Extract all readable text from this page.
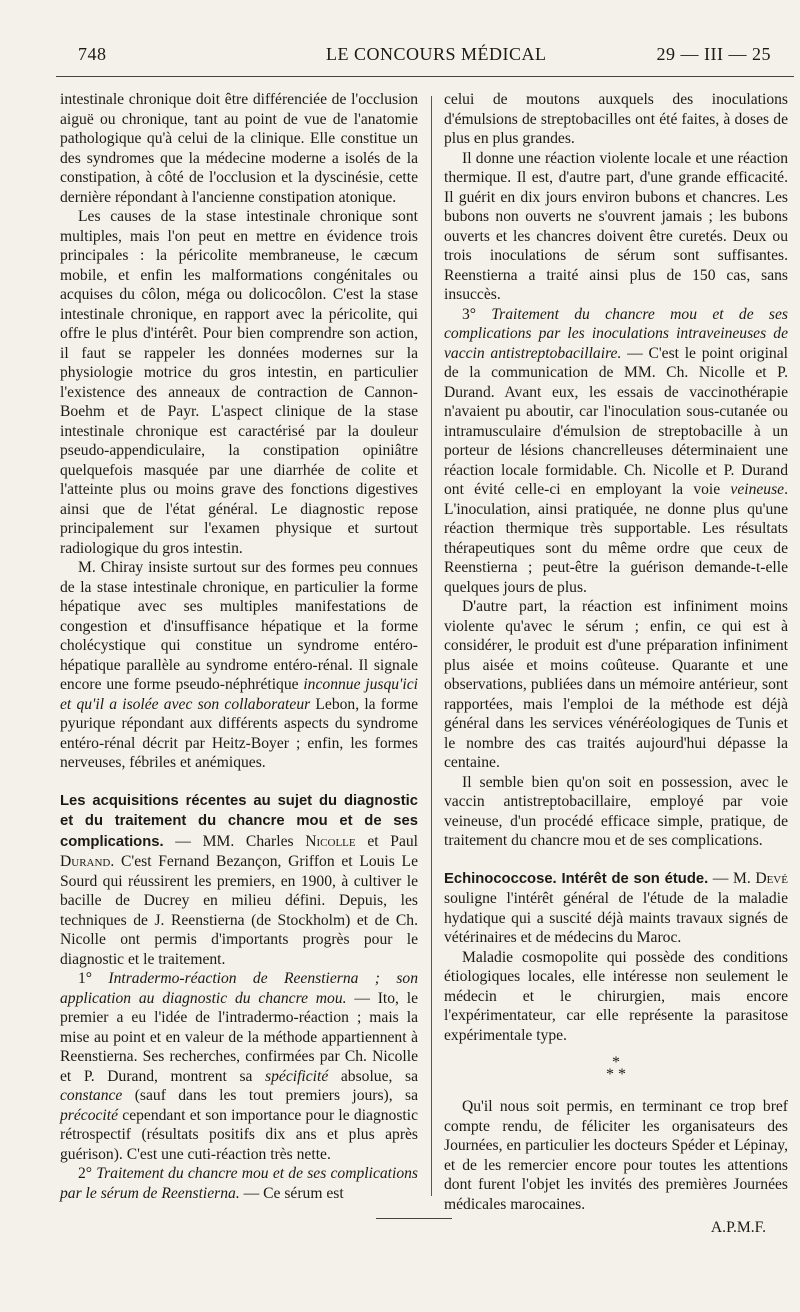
748	LE CONCOURS MÉDICAL	29 — III — 25

intestinale chronique doit être différenciée de l'occlusion aiguë ou chronique, tant au point de vue de l'anatomie pathologique qu'à celui de la clinique. Elle constitue un des syndromes que la médecine moderne a isolés de la constipation, à côté de l'occlusion et la dyscinésie, cette dernière répondant à l'ancienne constipation atonique.

Les causes de la stase intestinale chronique sont multiples, mais l'on peut en mettre en évidence trois principales : la péricolite membraneuse, le cæcum mobile, et enfin les malformations congénitales ou acquises du côlon, méga ou dolicocôlon. C'est la stase intestinale chronique, en rapport avec la péricolite, qui offre le plus d'intérêt. Pour bien comprendre son action, il faut se rappeler les données modernes sur la physiologie motrice du gros intestin, en particulier l'existence des anneaux de contraction de Cannon-Boehm et de Payr. L'aspect clinique de la stase intestinale chronique est caractérisé par la douleur pseudo-appendiculaire, la constipation opiniâtre quelquefois masquée par une diarrhée de colite et l'atteinte plus ou moins grave des fonctions digestives ainsi que de l'état général. Le diagnostic repose principalement sur l'examen physique et surtout radiologique du gros intestin.

M. Chiray insiste surtout sur des formes peu connues de la stase intestinale chronique, en particulier la forme hépatique avec ses multiples manifestations de congestion et d'insuffisance hépatique et la forme cholécystique qui constitue un syndrome entéro-hépatique parallèle au syndrome entéro-rénal. Il signale encore une forme pseudo-néphrétique inconnue jusqu'ici et qu'il a isolée avec son collaborateur Lebon, la forme pyurique répondant aux différents aspects du syndrome entéro-rénal décrit par Heitz-Boyer ; enfin, les formes nerveuses, fébriles et anémiques.

Les acquisitions récentes au sujet du diagnostic et du traitement du chancre mou et de ses complications. — MM. Charles Nicolle et Paul Durand. C'est Fernand Bezançon, Griffon et Louis Le Sourd qui réussirent les premiers, en 1900, à cultiver le bacille de Ducrey en milieu défini. Depuis, les techniques de J. Reenstierna (de Stockholm) et de Ch. Nicolle ont permis d'importants progrès pour le diagnostic et le traitement.

1° Intradermo-réaction de Reenstierna ; son application au diagnostic du chancre mou. — Ito, le premier a eu l'idée de l'intradermo-réaction ; mais la mise au point et en valeur de la méthode appartiennent à Reenstierna. Ses recherches, confirmées par Ch. Nicolle et P. Durand, montrent sa spécificité absolue, sa constance (sauf dans les tout premiers jours), sa précocité cependant et son importance pour le diagnostic rétrospectif (résultats positifs dix ans et plus après guérison). C'est une cuti-réaction très nette.

2° Traitement du chancre mou et de ses complications par le sérum de Reenstierna. — Ce sérum est

celui de moutons auxquels des inoculations d'émulsions de streptobacilles ont été faites, à doses de plus en plus grandes.

Il donne une réaction violente locale et une réaction thermique. Il est, d'autre part, d'une grande efficacité. Il guérit en dix jours environ bubons et chancres. Les bubons non ouverts ne s'ouvrent jamais ; les bubons ouverts et les chancres doivent être curetés. Deux ou trois inoculations de sérum sont suffisantes. Reenstierna a traité ainsi plus de 150 cas, sans insuccès.

3° Traitement du chancre mou et de ses complications par les inoculations intraveineuses de vaccin antistreptobacillaire. — C'est le point original de la communication de MM. Ch. Nicolle et P. Durand. Avant eux, les essais de vaccinothérapie n'avaient pu aboutir, car l'inoculation sous-cutanée ou intramusculaire d'émulsion de streptobacille à un porteur de lésions chancrelleuses déterminaient une réaction locale formidable. Ch. Nicolle et P. Durand ont évité celle-ci en employant la voie veineuse. L'inoculation, ainsi pratiquée, ne donne plus qu'une réaction thermique très supportable. Les résultats thérapeutiques sont du même ordre que ceux de Reenstierna ; peut-être la guérison demande-t-elle quelques jours de plus.

D'autre part, la réaction est infiniment moins violente qu'avec le sérum ; enfin, ce qui est à considérer, le produit est d'une préparation infiniment plus aisée et moins coûteuse. Quarante et une observations, publiées dans un mémoire antérieur, sont rapportées, mais l'emploi de la méthode est déjà général dans les services vénéréologiques de Tunis et le nombre des cas traités aujourd'hui dépasse la centaine.

Il semble bien qu'on soit en possession, avec le vaccin antistreptobacillaire, employé par voie veineuse, d'un procédé efficace simple, pratique, de traitement du chancre mou et de ses complications.

Echinococcose. Intérêt de son étude. — M. Devé souligne l'intérêt général de l'étude de la maladie hydatique qui a suscité déjà maints travaux signés de vétérinaires et de médecins du Maroc.

Maladie cosmopolite qui possède des conditions étiologiques locales, elle intéresse non seulement le médecin et le chirurgien, mais encore l'expérimentateur, car elle représente la parasitose expérimentale type.

*
* *

Qu'il nous soit permis, en terminant ce trop bref compte rendu, de féliciter les organisateurs des Journées, en particulier les docteurs Spéder et Lépinay, et de les remercier encore pour toutes les attentions dont furent l'objet les invités des premières Journées médicales marocaines.

A.P.M.F.
